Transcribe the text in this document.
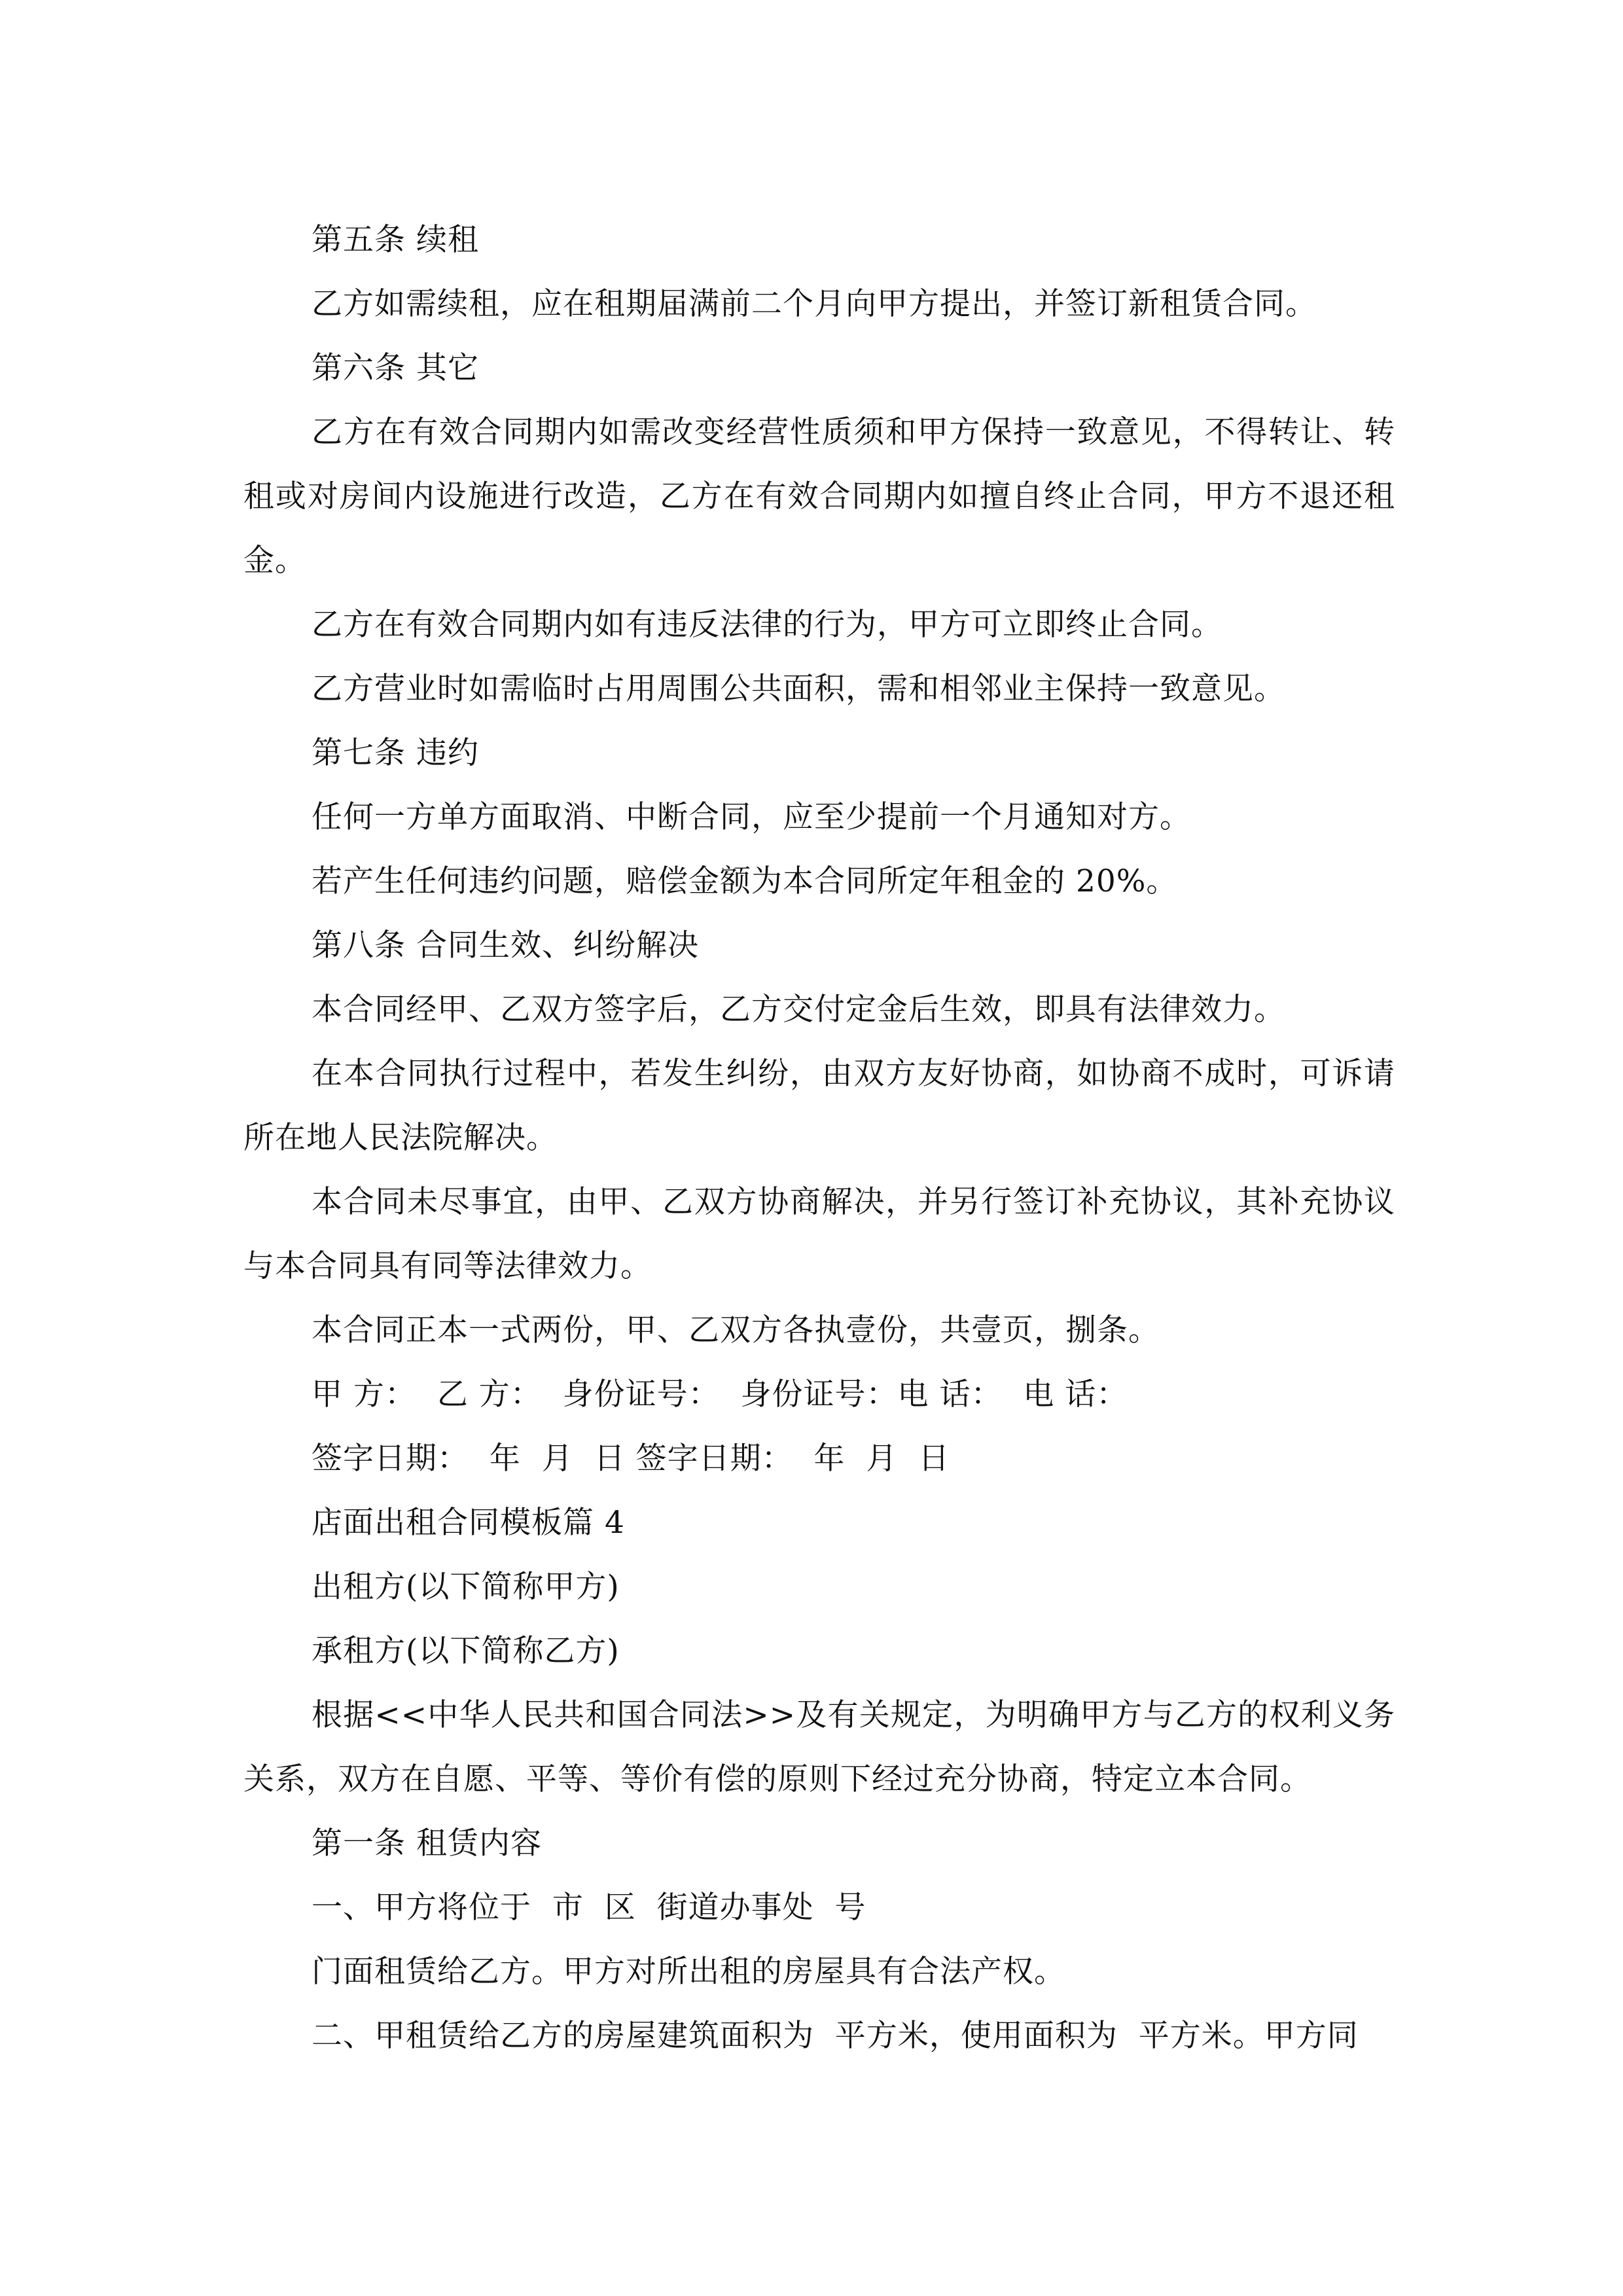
第五条 续租

乙方如需续租，应在租期届满前二个月向甲方提出，并签订新租赁合同。

第六条 其它

乙方在有效合同期内如需改变经营性质须和甲方保持一致意见，不得转让、转租或对房间内设施进行改造，乙方在有效合同期内如擅自终止合同，甲方不退还租金。

乙方在有效合同期内如有违反法律的行为，甲方可立即终止合同。

乙方营业时如需临时占用周围公共面积，需和相邻业主保持一致意见。

第七条 违约

任何一方单方面取消、中断合同，应至少提前一个月通知对方。

若产生任何违约问题，赔偿金额为本合同所定年租金的 20%。

第八条 合同生效、纠纷解决

本合同经甲、乙双方签字后，乙方交付定金后生效，即具有法律效力。

在本合同执行过程中，若发生纠纷，由双方友好协商，如协商不成时，可诉请所在地人民法院解决。

本合同未尽事宜，由甲、乙双方协商解决，并另行签订补充协议，其补充协议与本合同具有同等法律效力。

本合同正本一式两份，甲、乙双方各执壹份，共壹页，捌条。

甲 方：  乙 方：  身份证号：  身份证号：电 话：  电 话：

签字日期：  年  月  日 签字日期：  年  月  日

店面出租合同模板篇 4

出租方(以下简称甲方)

承租方(以下简称乙方)

根据<<中华人民共和国合同法>>及有关规定，为明确甲方与乙方的权利义务关系，双方在自愿、平等、等价有偿的原则下经过充分协商，特定立本合同。

第一条 租赁内容

一、甲方将位于  市  区  街道办事处  号

门面租赁给乙方。甲方对所出租的房屋具有合法产权。

二、甲租赁给乙方的房屋建筑面积为  平方米，使用面积为  平方米。甲方同
